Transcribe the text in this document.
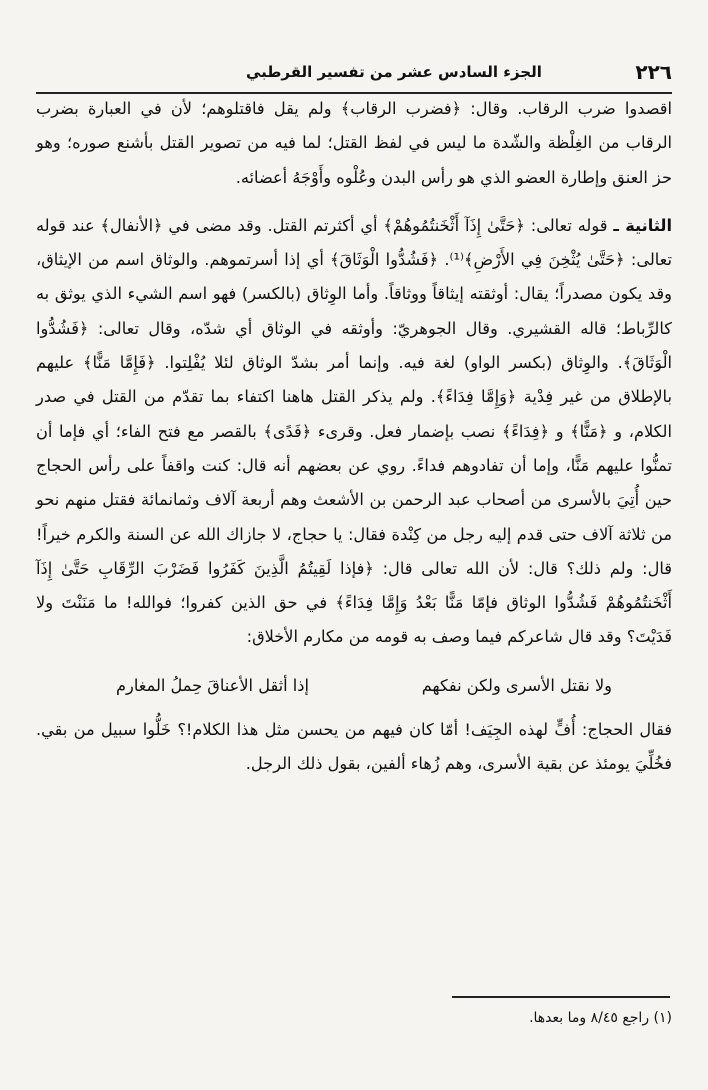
٢٢٦
الجزء السادس عشر من تفسير القرطبي

اقصدوا ضرب الرقاب. وقال: ﴿فضرب الرقاب﴾ ولم يقل فاقتلوهم؛ لأن في العبارة بضرب الرقاب من الغِلْظة والشّدة ما ليس في لفظ القتل؛ لما فيه من تصوير القتل بأشنع صوره؛ وهو حز العنق وإطارة العضو الذي هو رأس البدن وعُلْوه وأَوْجَهُ أعضائه.

الثانية ـ قوله تعالى: ﴿حَتَّىٰ إِذَآ أَثْخَنتُمُوهُمْ﴾ أي أكثرتم القتل. وقد مضى في ﴿الأنفال﴾ عند قوله تعالى: ﴿حَتَّىٰ يُثْخِنَ فِي الأَرْضِ﴾⁽¹⁾. ﴿فَشُدُّوا الْوَثَاقَ﴾ أي إذا أسرتموهم. والوثاق اسم من الإيثاق، وقد يكون مصدراً؛ يقال: أوثقته إيثاقاً ووثاقاً. وأما الوِثاق (بالكسر) فهو اسم الشيء الذي يوثق به كالرِّباط؛ قاله القشيري. وقال الجوهريّ: وأوثقه في الوثاق أي شدّه، وقال تعالى: ﴿فَشُدُّوا الْوَثَاقَ﴾. والوِثاق (بكسر الواو) لغة فيه. وإنما أمر بشدّ الوثاق لئلا يُفْلِتوا. ﴿فَإِمَّا مَنًّا﴾ عليهم بالإطلاق من غير فِدْية ﴿وَإِمَّا فِدَاءً﴾. ولم يذكر القتل هاهنا اكتفاء بما تقدّم من القتل في صدر الكلام، و ﴿مَنًّا﴾ و ﴿فِدَاءً﴾ نصب بإضمار فعل. وقرىء ﴿فَدًى﴾ بالقصر مع فتح الفاء؛ أي فإما أن تمنُّوا عليهم مَنًّا، وإما أن تفادوهم فداءً. روي عن بعضهم أنه قال: كنت واقفاً على رأس الحجاج حين أُتِيَ بالأسرى من أصحاب عبد الرحمن بن الأشعث وهم أربعة آلاف وثمانمائة فقتل منهم نحو من ثلاثة آلاف حتى قدم إليه رجل من كِنْدة فقال: يا حجاج، لا جازاك الله عن السنة والكرم خيراً! قال: ولم ذلك؟ قال: لأن الله تعالى قال: ﴿فإذا لَقِيتُمُ الَّذِينَ كَفَرُوا فَضَرْبَ الرِّقَابِ حَتَّىٰ إِذَآ أَثْخَنتُمُوهُمْ فَشُدُّوا الوثاق فإمّا مَنًّا بَعْدُ وَإِمَّا فِدَاءً﴾ في حق الذين كفروا؛ فوالله! ما مَنَنْتَ ولا فَدَيْتَ؟ وقد قال شاعركم فيما وصف به قومه من مكارم الأخلاق:

ولا نقتل الأسرى ولكن نفكهم
إذا أثقل الأعناقَ حِملُ المغارم

فقال الحجاج: أُفٍّ لهذه الجِيَف! أمّا كان فيهم من يحسن مثل هذا الكلام!؟ خَلُّوا سبيل من بقي. فخُلِّيَ يومئذ عن بقية الأسرى، وهم زُهاء ألفين، بقول ذلك الرجل.

(١) راجع ٨/٤٥ وما بعدها.
